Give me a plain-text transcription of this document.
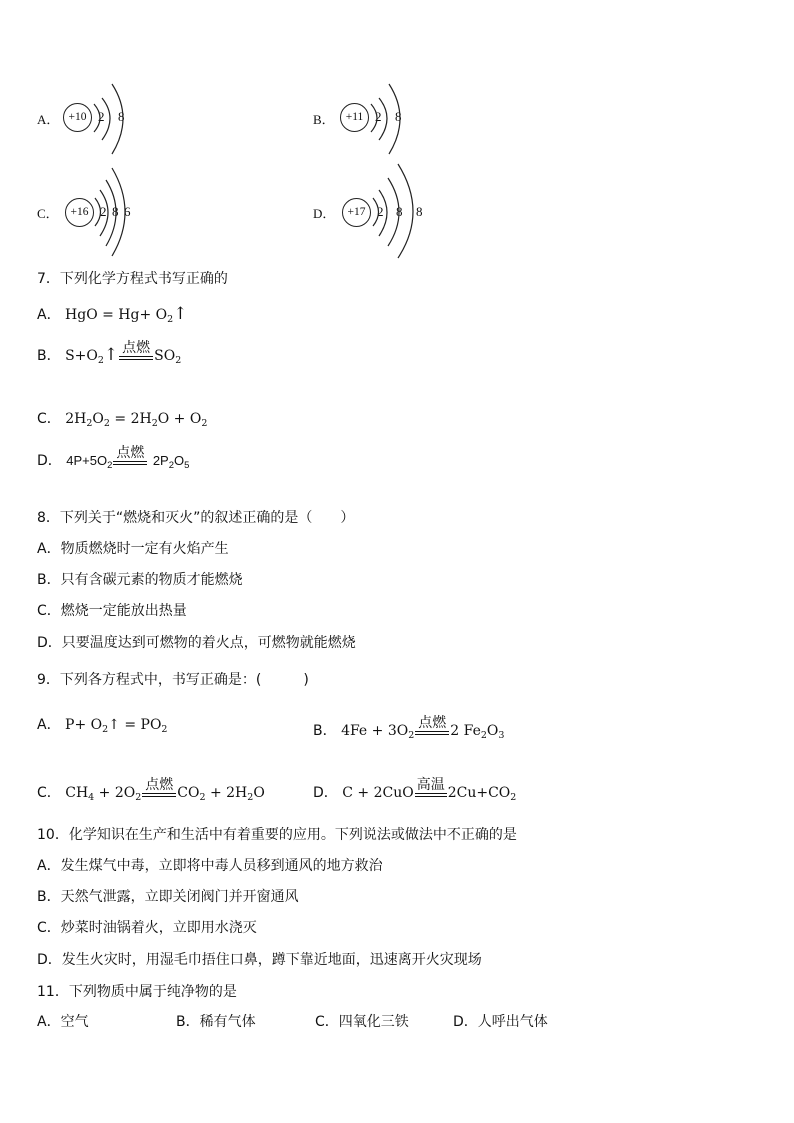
A． +10 2 8	B． +11 2 8
C．	+16 2 8 6	D．	+17 2 8 8
7．下列化学方程式书写正确的
A． HgO = $Hg+ O_2↑$
B． $S+O_2↑$ 点燃 $SO_2$
C． $2H_2O_2 = 2H_2O + O_2$
D． $4P+5O_2$
点燃 $2P_2O_5$
8．下列关于“燃烧和灭火”的叙述正确的是（　　）
A．物质燃烧时一定有火焰产生
B．只有含碳元素的物质才能燃烧
C．燃烧一定能放出热量
D．只要温度达到可燃物的着火点，可燃物就能燃烧
9．下列各方程式中，书写正确是：(　　　)
A． $P+ O_2↑ = PO_2$	B． $4Fe + 3O_2$
点燃 2 $Fe_2O_3$
C． $CH_4 + 2O_2$
点燃 $CO_2 + 2H_2O$	D． C + 2CuO 高温 $2Cu+CO_2$
10．化学知识在生产和生活中有着重要的应用。下列说法或做法中不正确的是
A．发生煤气中毒，立即将中毒人员移到通风的地方救治
B．天然气泄露，立即关闭阀门并开窗通风
C．炒菜时油锅着火，立即用水浇灭
D．发生火灾时，用湿毛巾捂住口鼻，蹲下靠近地面，迅速离开火灾现场
11．下列物质中属于纯净物的是
A．空气	B．稀有气体	C．四氧化三铁	D．人呼出气体
